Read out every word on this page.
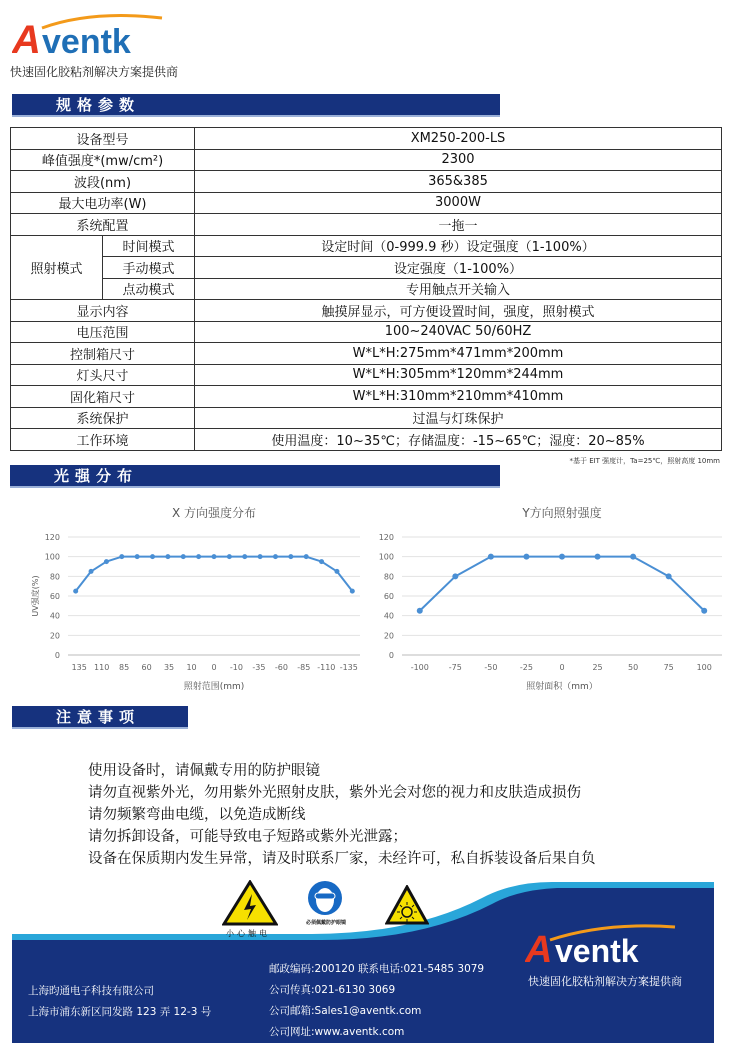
A ventk
快速固化胶粘剂解决方案提供商
规格参数
设备型号		XM250-200-LS
峰值强度*(mw/cm²)		2300
波段(nm)		365&385
最大电功率(W)		3000W
系统配置		一拖一
照射模式	时间模式	设定时间（0-999.9 秒）设定强度（1-100%）
	手动模式	设定强度（1-100%）
	点动模式	专用触点开关输入
显示内容		触摸屏显示，可方便设置时间，强度，照射模式
电压范围		100~240VAC 50/60HZ
控制箱尺寸		W*L*H:275mm*471mm*200mm
灯头尺寸		W*L*H:305mm*120mm*244mm
固化箱尺寸		W*L*H:310mm*210mm*410mm
系统保护		过温与灯珠保护
工作环境		使用温度：10~35℃；存储温度：-15~65℃；湿度：20~85%
*基于 EIT 强度计，Ta=25℃，照射高度 10mm
光强分布
X 方向强度分布
0
20
40
60
80
100
120
135 110 85 60 35 10 0 -10 -35 -60 -85 -110 -135
照射范围(mm)
UV强度(%)
Y方向照射强度
0
20
40
60
80
100
120
-100 -75	-50	-25	0	25	50	75	100
照射面积（mm）
注意事项
使用设备时，请佩戴专用的防护眼镜
请勿直视紫外光，勿用紫外光照射皮肤，紫外光会对您的视力和皮肤造成损伤
请勿频繁弯曲电缆，以免造成断线
请勿拆卸设备，可能导致电子短路或紫外光泄露；
设备在保质期内发生异常，请及时联系厂家，未经许可，私自拆装设备后果自负
小心触电
必须佩戴防护眼镜
A ventk
快速固化胶粘剂解决方案提供商
上海昀通电子科技有限公司
上海市浦东新区同发路 123 弄 12-3 号
邮政编码:200120 联系电话:021-5485 3079
公司传真:021-6130 3069
公司邮箱:Sales1@aventk.com
公司网址:www.aventk.com
